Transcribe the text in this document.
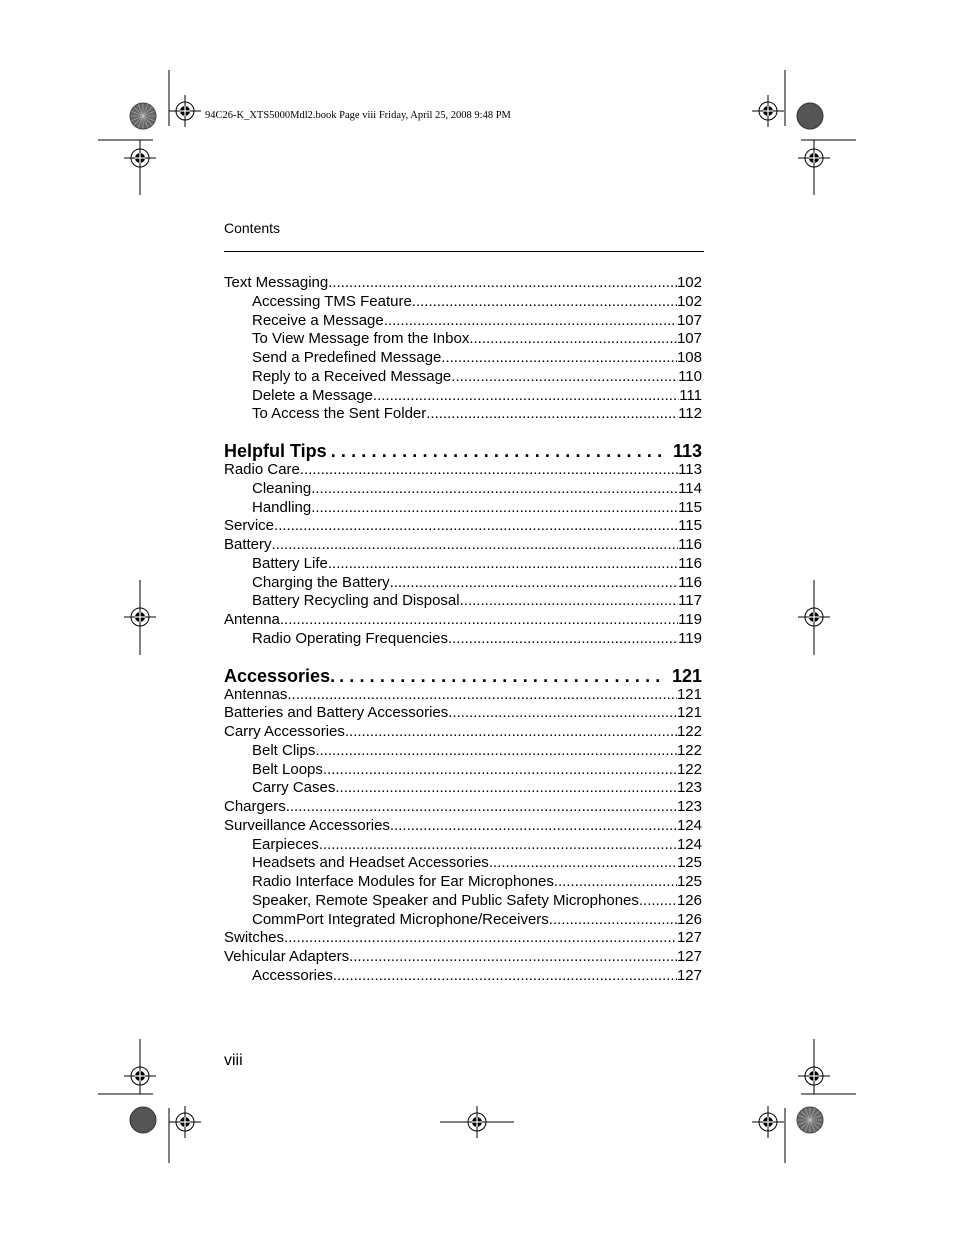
94C26-K_XTS5000Mdl2.book Page viii Friday, April 25, 2008 9:48 PM
Contents
Text Messaging .....	102
Accessing TMS Feature .....	102
Receive a Message .....	107
To View Message from the Inbox. .....	107
Send a Predefined Message .....	108
Reply to a Received Message .....	110
Delete a Message .....	111
To Access the Sent Folder .....	112
Helpful Tips .....	113
Radio Care .....	113
Cleaning .....	114
Handling .....	115
Service .....	115
Battery .....	116
Battery Life .....	116
Charging the Battery .....	116
Battery Recycling and Disposal .....	117
Antenna .....	119
Radio Operating Frequencies .....	119
Accessories. .....	121
Antennas .....	121
Batteries and Battery Accessories .....	121
Carry Accessories .....	122
Belt Clips .....	122
Belt Loops .....	122
Carry Cases .....	123
Chargers .....	123
Surveillance Accessories .....	124
Earpieces .....	124
Headsets and Headset Accessories .....	125
Radio Interface Modules for Ear Microphones .....	125
Speaker, Remote Speaker and Public Safety Microphones .....	126
CommPort Integrated Microphone/Receivers .....	126
Switches .....	127
Vehicular Adapters .....	127
Accessories .....	127
viii
